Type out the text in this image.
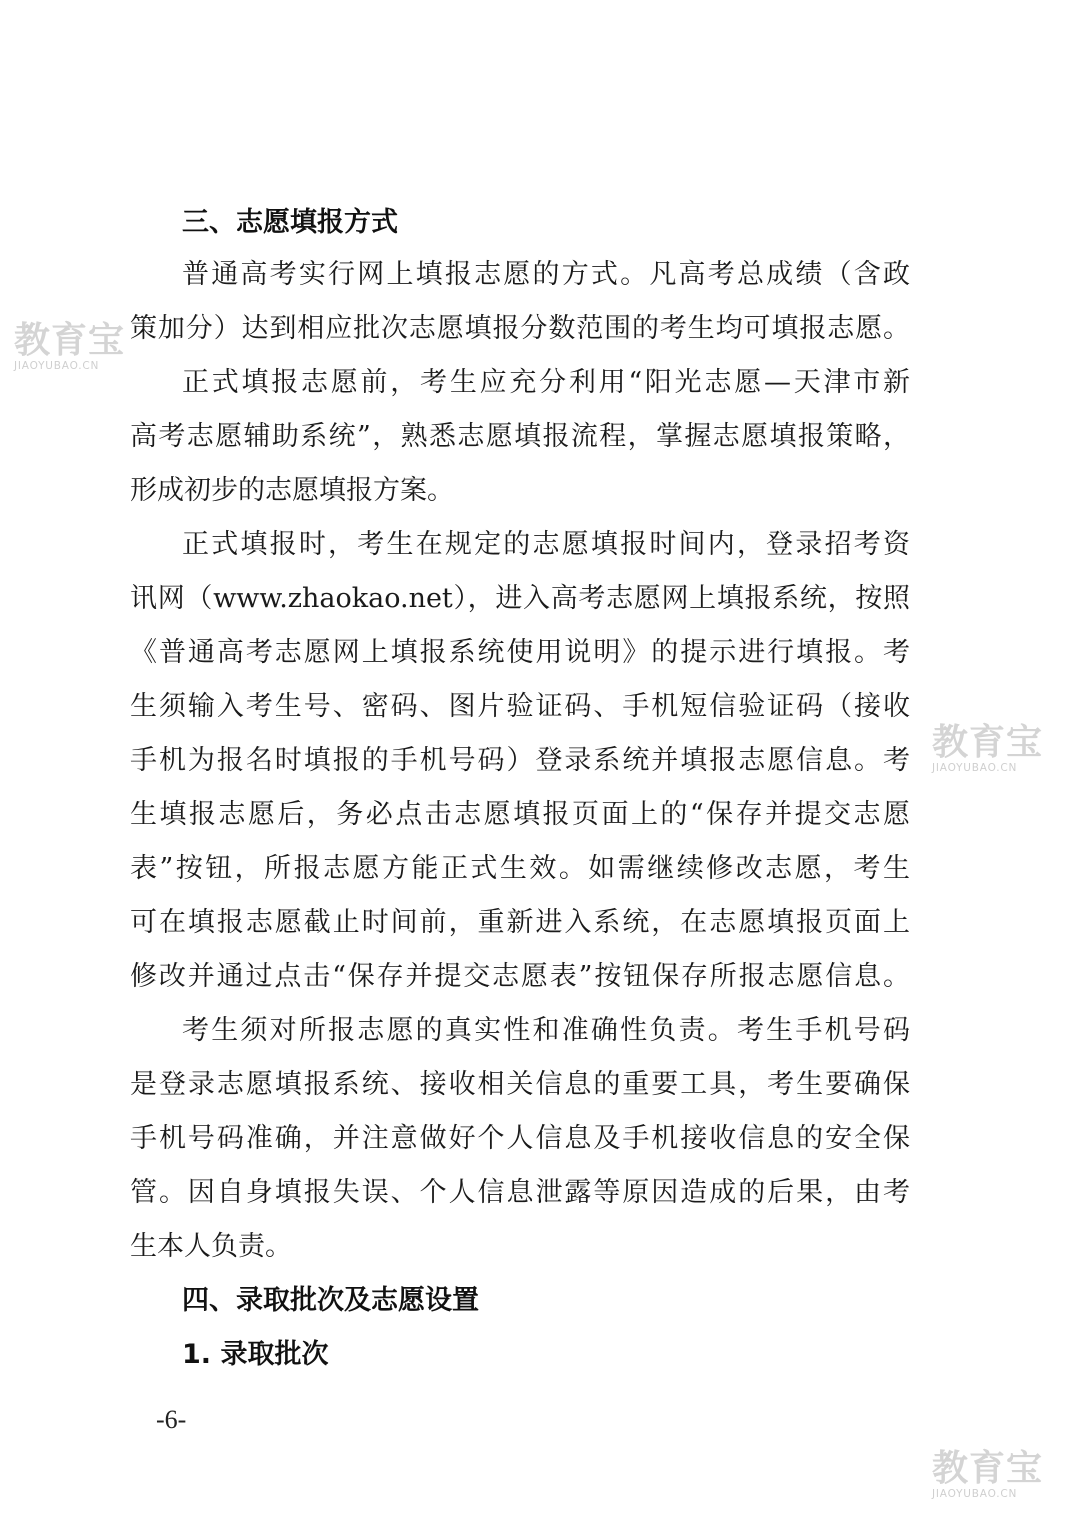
三、志愿填报方式
普通高考实行网上填报志愿的方式。凡高考总成绩（含政
策加分）达到相应批次志愿填报分数范围的考生均可填报志愿。
正式填报志愿前，考生应充分利用“阳光志愿—天津市新
高考志愿辅助系统”，熟悉志愿填报流程，掌握志愿填报策略，
形成初步的志愿填报方案。
正式填报时，考生在规定的志愿填报时间内，登录招考资
讯网（www.zhaokao.net），进入高考志愿网上填报系统，按照
《普通高考志愿网上填报系统使用说明》的提示进行填报。考
生须输入考生号、密码、图片验证码、手机短信验证码（接收
手机为报名时填报的手机号码）登录系统并填报志愿信息。考
生填报志愿后，务必点击志愿填报页面上的“保存并提交志愿
表”按钮，所报志愿方能正式生效。如需继续修改志愿，考生
可在填报志愿截止时间前，重新进入系统，在志愿填报页面上
修改并通过点击“保存并提交志愿表”按钮保存所报志愿信息。
考生须对所报志愿的真实性和准确性负责。考生手机号码
是登录志愿填报系统、接收相关信息的重要工具，考生要确保
手机号码准确，并注意做好个人信息及手机接收信息的安全保
管。因自身填报失误、个人信息泄露等原因造成的后果，由考
生本人负责。
四、录取批次及志愿设置
1. 录取批次
-6-
教育宝
JIAOYUBAO.CN
教育宝
JIAOYUBAO.CN
教育宝
JIAOYUBAO.CN
